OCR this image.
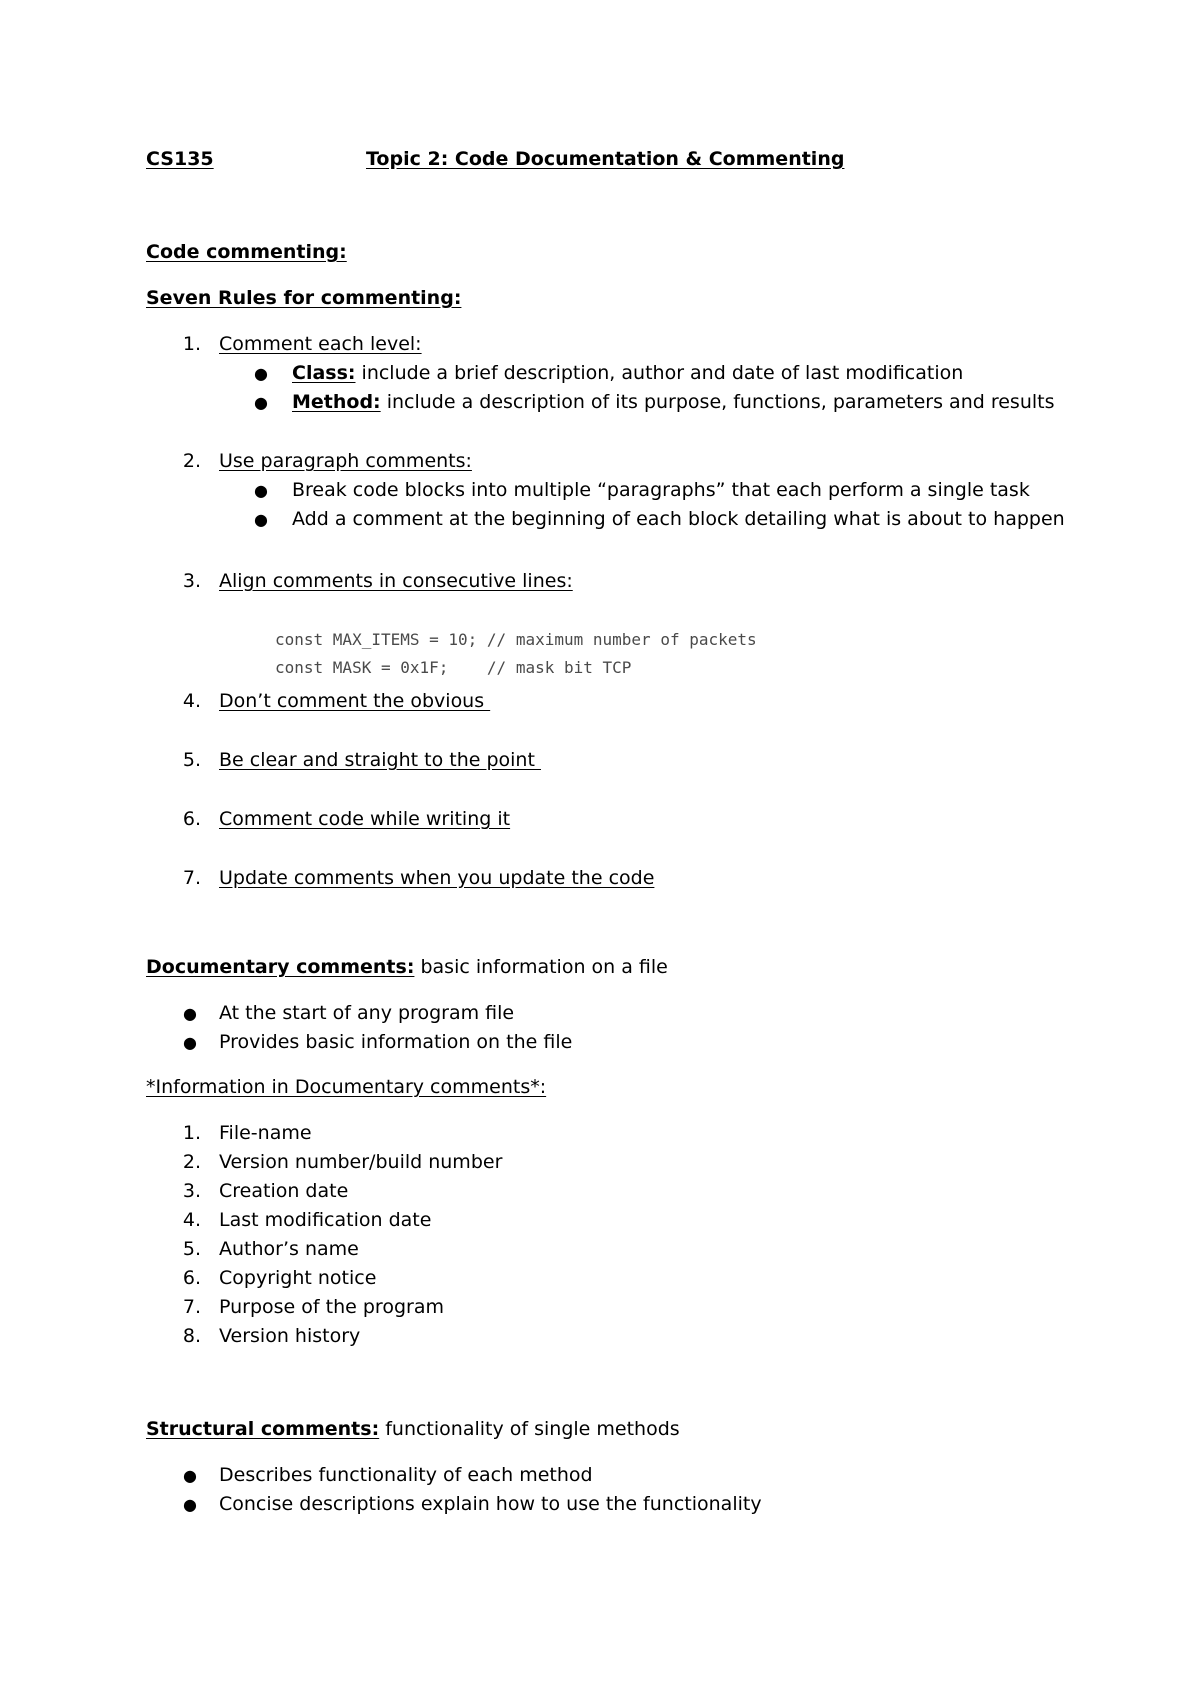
CS135	Topic 2: Code Documentation & Commenting
Code commenting:
Seven Rules for commenting:
1. Comment each level:
● Class: include a brief description, author and date of last modification
● Method: include a description of its purpose, functions, parameters and results
2. Use paragraph comments:
● Break code blocks into multiple “paragraphs” that each perform a single task
● Add a comment at the beginning of each block detailing what is about to happen
3. Align comments in consecutive lines:
const MAX_ITEMS = 10; // maximum number of packets
const MASK = 0x1F;    // mask bit TCP
4. Don’t comment the obvious
5. Be clear and straight to the point
6. Comment code while writing it
7. Update comments when you update the code
Documentary comments: basic information on a file
● At the start of any program file
● Provides basic information on the file
*Information in Documentary comments*:
1. File-name
2. Version number/build number
3. Creation date
4. Last modification date
5. Author’s name
6. Copyright notice
7. Purpose of the program
8. Version history
Structural comments: functionality of single methods
● Describes functionality of each method
● Concise descriptions explain how to use the functionality
